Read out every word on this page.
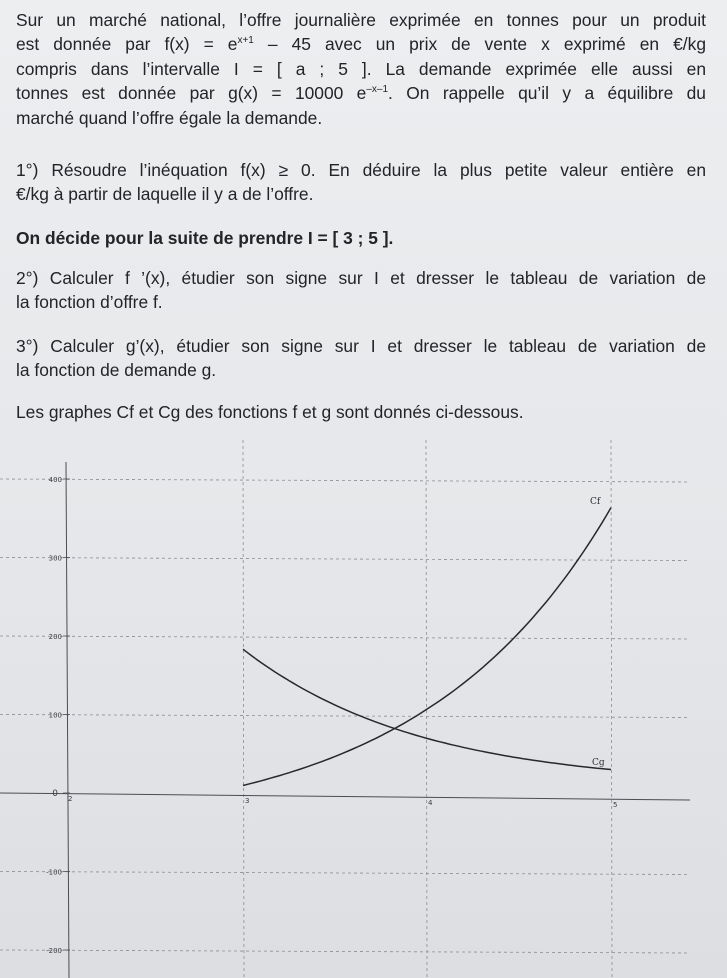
Sur un marché national, l’offre journalière exprimée en tonnes pour un produit
est donnée par $f(x) = e^{x+1} - 45$ avec un prix de vente x exprimé en €/kg
compris dans l’intervalle I = [ a ; 5 ]. La demande exprimée elle aussi en
tonnes est donnée par g(x) = 10000 $e^{-x-1}$. On rappelle qu’il y a équilibre du
marché quand l’offre égale la demande.
1°) Résoudre l’inéquation f(x) ≥ 0. En déduire la plus petite valeur entière en
€/kg à partir de laquelle il y a de l’offre.
On décide pour la suite de prendre I = [ 3 ; 5 ].
2°) Calculer f ’(x), étudier son signe sur I et dresser le tableau de variation de
la fonction d’offre f.
3°) Calculer g’(x), étudier son signe sur I et dresser le tableau de variation de
la fonction de demande g.
Les graphes Cf et Cg des fonctions f et g sont donnés ci-dessous.
400
300
200
100
0
-100
-200
2	3	4	5
Cf
Cg
